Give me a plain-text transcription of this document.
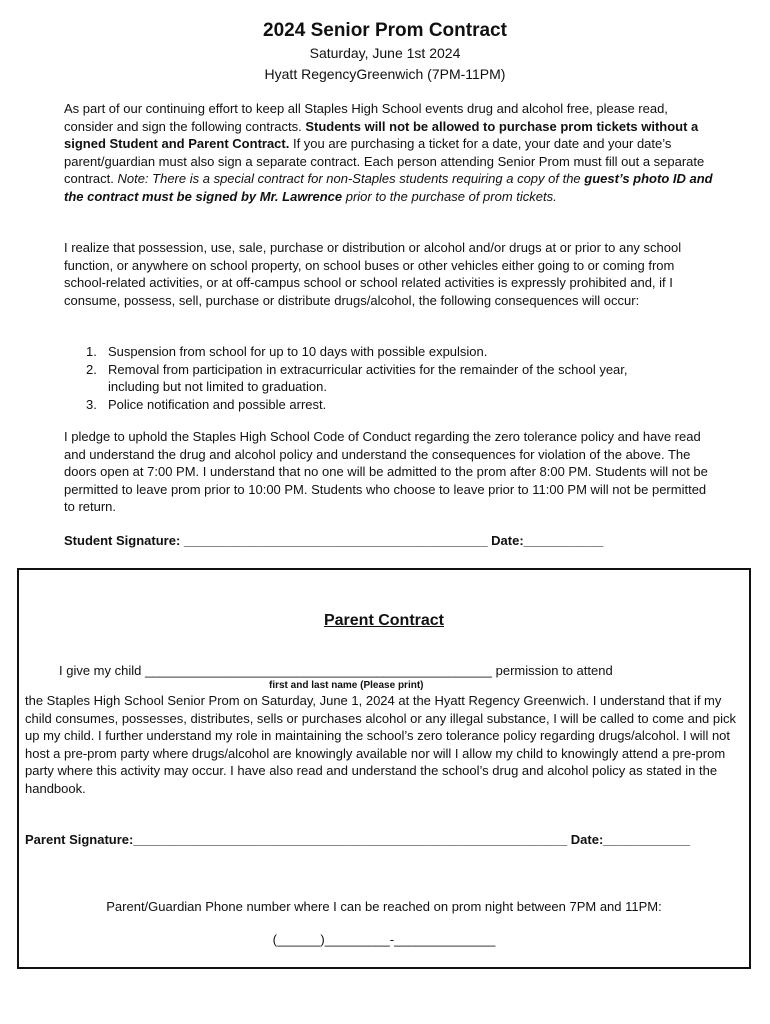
2024 Senior Prom Contract
Saturday, June 1st 2024
Hyatt RegencyGreenwich (7PM-11PM)
As part of our continuing effort to keep all Staples High School events drug and alcohol free, please read, consider and sign the following contracts. Students will not be allowed to purchase prom tickets without a signed Student and Parent Contract. If you are purchasing a ticket for a date, your date and your date’s parent/guardian must also sign a separate contract. Each person attending Senior Prom must fill out a separate contract. Note: There is a special contract for non-Staples students requiring a copy of the guest’s photo ID and the contract must be signed by Mr. Lawrence prior to the purchase of prom tickets.
I realize that possession, use, sale, purchase or distribution or alcohol and/or drugs at or prior to any school function, or anywhere on school property, on school buses or other vehicles either going to or coming from school-related activities, or at off-campus school or school related activities is expressly prohibited and, if I consume, possess, sell, purchase or distribute drugs/alcohol, the following consequences will occur:
1. Suspension from school for up to 10 days with possible expulsion.
2. Removal from participation in extracurricular activities for the remainder of the school year,
including but not limited to graduation.
3. Police notification and possible arrest.
I pledge to uphold the Staples High School Code of Conduct regarding the zero tolerance policy and have read and understand the drug and alcohol policy and understand the consequences for violation of the above. The doors open at 7:00 PM. I understand that no one will be admitted to the prom after 8:00 PM. Students will not be permitted to leave prom prior to 10:00 PM. Students who choose to leave prior to 11:00 PM will not be permitted to return.
Student Signature: __________________________________________ Date:___________
Parent Contract
I give my child ________________________________________________ permission to attend
first and last name (Please print)
the Staples High School Senior Prom on Saturday, June 1, 2024 at the Hyatt Regency Greenwich. I understand that if my child consumes, possesses, distributes, sells or purchases alcohol or any illegal substance, I will be called to come and pick up my child. I further understand my role in maintaining the school’s zero tolerance policy regarding drugs/alcohol. I will not host a pre-prom party where drugs/alcohol are knowingly available nor will I allow my child to knowingly attend a pre-prom party where this activity may occur. I have also read and understand the school’s drug and alcohol policy as stated in the handbook.
Parent Signature:____________________________________________________________ Date:____________
Parent/Guardian Phone number where I can be reached on prom night between 7PM and 11PM:
(______)_________-______________
